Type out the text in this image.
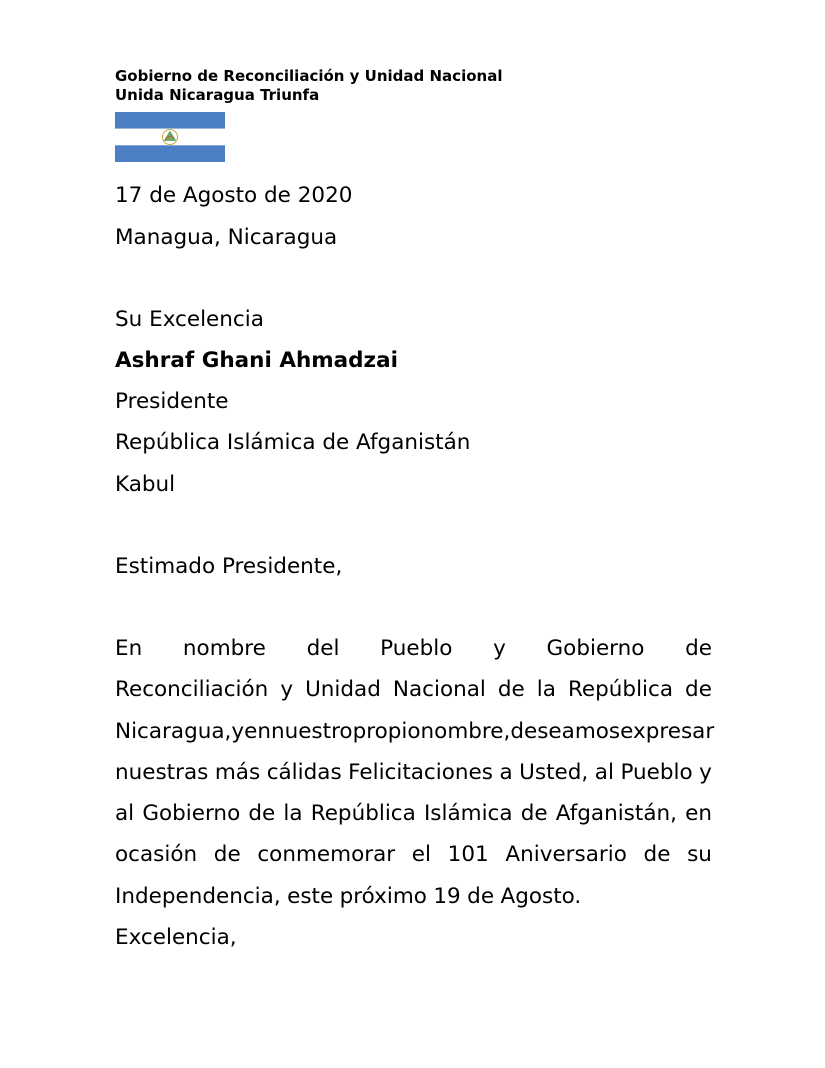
Gobierno de Reconciliación y Unidad Nacional
Unida Nicaragua Triunfa
17 de Agosto de 2020
Managua, Nicaragua
Su Excelencia
Ashraf Ghani Ahmadzai
Presidente
República Islámica de Afganistán
Kabul
Estimado Presidente,
En nombre del Pueblo y Gobierno de
Reconciliación y Unidad Nacional de la República de
Nicaragua, y en nuestro propio nombre, deseamos expresar
nuestras más cálidas Felicitaciones a Usted, al Pueblo y
al Gobierno de la República Islámica de Afganistán, en
ocasión de conmemorar el 101 Aniversario de su
Independencia, este próximo 19 de Agosto.
Excelencia,
